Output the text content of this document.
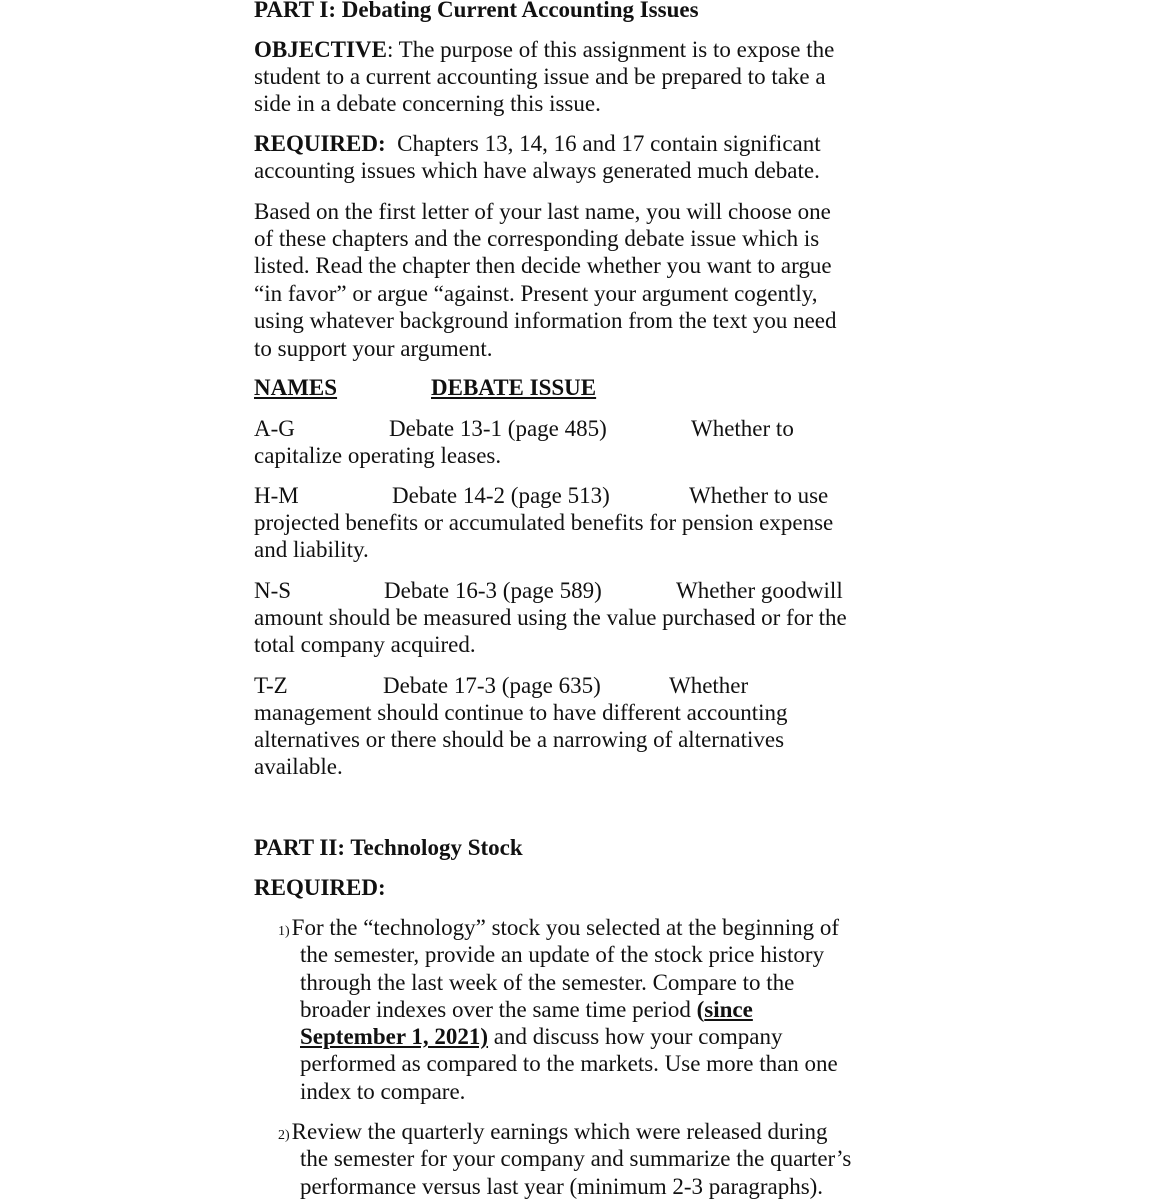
PART I: Debating Current Accounting Issues
OBJECTIVE: The purpose of this assignment is to expose the
student to a current accounting issue and be prepared to take a
side in a debate concerning this issue.
REQUIRED:  Chapters 13, 14, 16 and 17 contain significant
accounting issues which have always generated much debate.
Based on the first letter of your last name, you will choose one
of these chapters and the corresponding debate issue which is
listed. Read the chapter then decide whether you want to argue
“in favor” or argue “against. Present your argument cogently,
using whatever background information from the text you need
to support your argument.
NAMES	DEBATE ISSUE
A-G	Debate 13-1 (page 485)	Whether to
capitalize operating leases.
H-M	Debate 14-2 (page 513)	Whether to use
projected benefits or accumulated benefits for pension expense
and liability.
N-S	Debate 16-3 (page 589)	Whether goodwill
amount should be measured using the value purchased or for the
total company acquired.
T-Z	Debate 17-3 (page 635)	Whether
management should continue to have different accounting
alternatives or there should be a narrowing of alternatives
available.
PART II: Technology Stock
REQUIRED:
1)For the “technology” stock you selected at the beginning of
the semester, provide an update of the stock price history
through the last week of the semester. Compare to the
broader indexes over the same time period (since
September 1, 2021) and discuss how your company
performed as compared to the markets. Use more than one
index to compare.
2)Review the quarterly earnings which were released during
the semester for your company and summarize the quarter’s
performance versus last year (minimum 2-3 paragraphs).
